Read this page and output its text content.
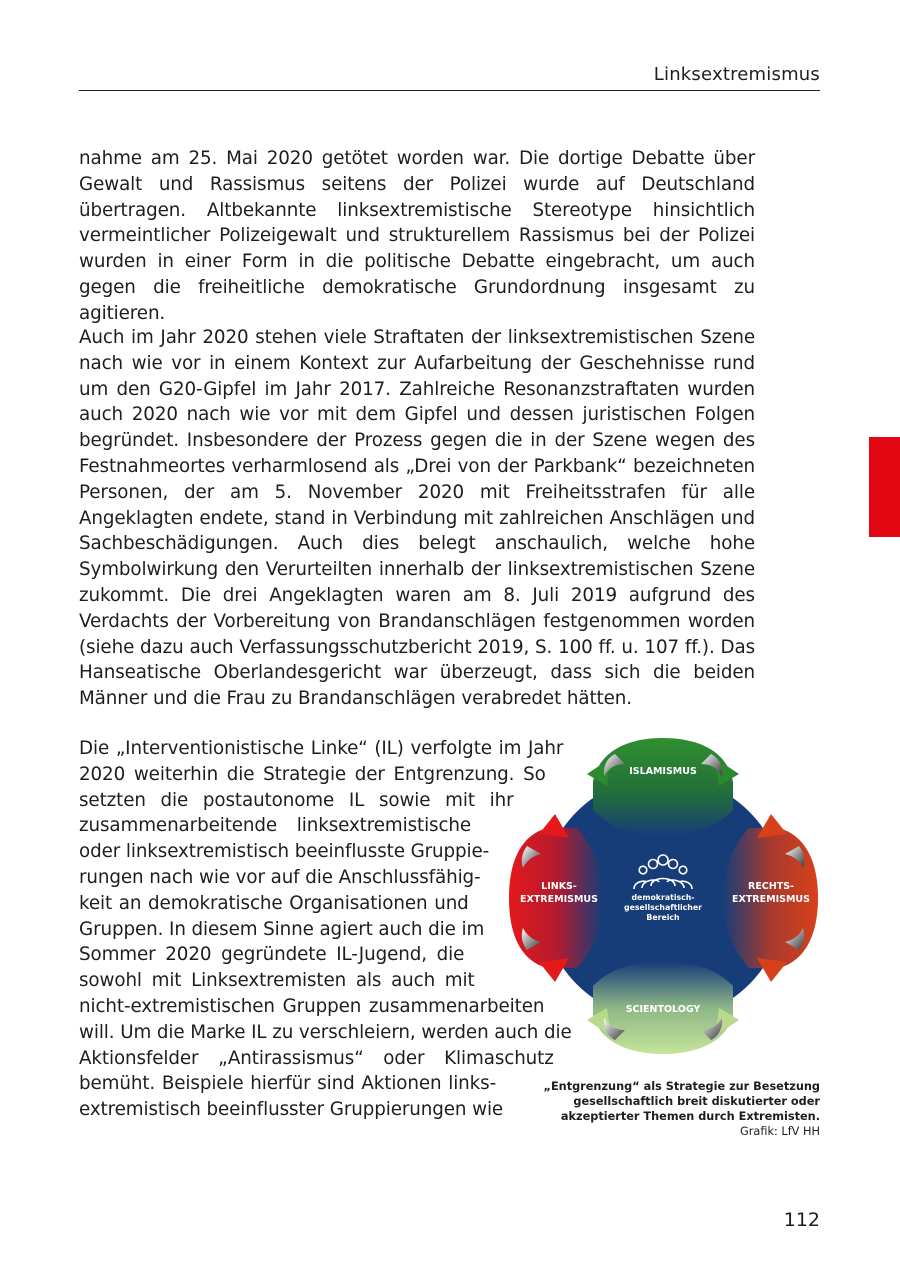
Linksextremismus
nahme am 25. Mai 2020 getötet worden war. Die dortige Debatte über Gewalt und Rassismus seitens der Polizei wurde auf Deutschland übertragen. Altbekannte linksextremistische Stereotype hinsichtlich vermeintlicher Polizeigewalt und strukturellem Rassismus bei der Polizei wurden in einer Form in die politische Debatte eingebracht, um auch gegen die freiheitliche demokratische Grundordnung insgesamt zu agitieren.
Auch im Jahr 2020 stehen viele Straftaten der linksextremistischen Szene nach wie vor in einem Kontext zur Aufarbeitung der Geschehnisse rund um den G20-Gipfel im Jahr 2017. Zahlreiche Resonanzstraftaten wurden auch 2020 nach wie vor mit dem Gipfel und dessen juristischen Folgen begründet. Insbesondere der Prozess gegen die in der Szene wegen des Festnahmeortes verharmlosend als „Drei von der Parkbank“ bezeichneten Personen, der am 5. November 2020 mit Freiheitsstrafen für alle Angeklagten endete, stand in Verbindung mit zahlreichen Anschlägen und Sachbeschädigungen. Auch dies belegt anschaulich, welche hohe Symbolwirkung den Verurteilten innerhalb der linksextremistischen Szene zukommt. Die drei Angeklagten waren am 8. Juli 2019 aufgrund des Verdachts der Vorbereitung von Brandanschlägen festgenommen worden (siehe dazu auch Verfassungsschutzbericht 2019, S. 100 ff. u. 107 ff.). Das Hanseatische Oberlandesgericht war überzeugt, dass sich die beiden Männer und die Frau zu Brandanschlägen verabredet hätten.
Die „Interventionistische Linke“ (IL) verfolgte im Jahr
2020 weiterhin die Strategie der Entgrenzung. So
setzten die postautonome IL sowie mit ihr
zusammenarbeitende linksextremistische
oder linksextremistisch beeinflusste Gruppie-
rungen nach wie vor auf die Anschlussfähig-
keit an demokratische Organisationen und
Gruppen. In diesem Sinne agiert auch die im
Sommer 2020 gegründete IL-Jugend, die
sowohl mit Linksextremisten als auch mit
nicht-extremistischen Gruppen zusammenarbeiten
will. Um die Marke IL zu verschleiern, werden auch die
Aktionsfelder „Antirassismus“ oder Klimaschutz
bemüht. Beispiele hierfür sind Aktionen links-
extremistisch beeinflusster Gruppierungen wie
ISLAMISMUS
LINKS-
EXTREMISMUS
RECHTS-
EXTREMISMUS
SCIENTOLOGY
demokratisch-
gesellschaftlicher
Bereich
„Entgrenzung“ als Strategie zur Besetzung gesellschaftlich breit diskutierter oder akzeptierter Themen durch Extremisten.
Grafik: LfV HH
112
